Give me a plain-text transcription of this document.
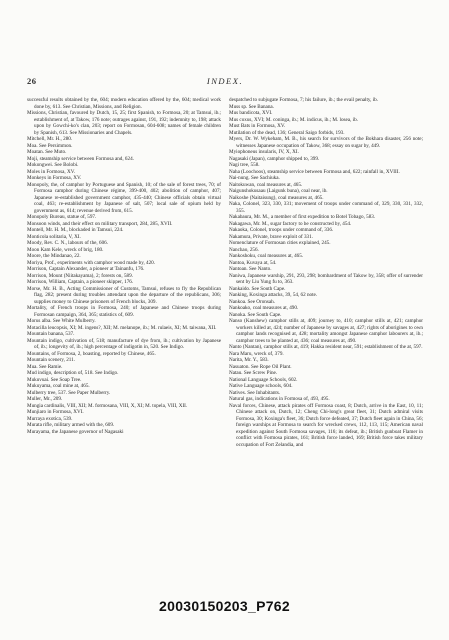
26	INDEX.

successful results obtained by the, 604; modern education offered by the, 604; medical work done by, 613. See Christian, Missions, and Religion.

Missions, Christian, favoured by Dutch, 15, 25; first Spanish, to Formosa, 20; at Tamsui, ib.; establishment of, at Takow, 176 note; outrages against, 191, 192; indemnity to, 198; attack upon by Gowchi-ko's clan, 203; report on Formosan, 604-608; names of female children by Spanish, 613. See Missionaries and Chapels.

Mitchell, Mr. H., 280.

Moa. See Persimmon.

Moatan. See Muto.

Moji, steamship service between Formosa and, 624.

Mokongwei. See Bolobi.

Moles in Formosa, XV.

Monkeys in Formosa, XV.

Monopoly, the, of camphor by Portuguese and Spanish, 10; of the sale of forest trees, 70; of Formosa camphor during Chinese régime, 399-400, 402; abolition of camphor, 407; Japanese re-established government camphor, 435-440; Chinese officials obtain virtual coal, 463; re-establishment by Japanese of salt, 507; local sale of opium held by government as, 614; revenue derived from, 615.

Monopoly Bureau, statue of, 597.

Monsoon winds, and their effect on military transport, 284, 285, XVII.

Montell, Mr. H. M., blockaded in Tamsui, 224.

Monticola solitaria, V, XI.

Moody, Rev. C. N., labours of the, 606.

Moon Kam Kele, wreck of brig, 180.

Moore, the Mindanao, 22.

Moriya, Prof., experiments with camphor wood made by, 420.

Morrison, Captain Alexander, a pioneer at Tainanfu, 176.

Morrison, Mount (Niitakayama), 2; forests on, 589.

Morrison, William, Captain, a pioneer skipper, 176.

Morse, Mr. H. B., Acting Commissioner of Customs, Tamsui, refuses to fly the Republican flag, 282; present during troubles attendant upon the departure of the republicans, 306; supplies money to Chinese prisoners of French blocks, 309.

Mortality, of French troops in Formosa, 240; of Japanese and Chinese troops during Formosan campaign, 364, 365; statistics of, 609.

Morus alba. See White Mulberry.

Motacilla leucopsis, XI; M. ingens?, XII; M. melanope, ib.; M. rulaeis, XI; M. taiwana, XII.

Mountain banana, 537.

Mountain indigo, cultivation of, 518; manufacture of dye from, ib.; cultivation by Japanese of, ib.; longevity of, ib.; high percentage of indigotin in, 520. See Indigo.

Mountains, of Formosa, 2, boasting, reported by Chinese, 465.

Mountain scenery, 211.

Mua. See Ramie.

Mud indigo, description of, 518. See Indigo.

Mukuvuai. See Soap Tree.

Mukuyama, coal mine at, 465.

Mulberry tree, 537. See Paper Mulberry.

Muller, Mr., 209.

Mungia cardinalis, VIII, XII; M. formosana, VIII, X, XI; M. topela, VIII, XII.

Munjiaro in Formosa, XVI.

Murraya exotica, 539.

Murata rifle, military armed with the, 609.

Murayama, the Japanese governor of Nagasaki

despatched to subjugate Formosa, 7; his failure, ib.; the evail penalty, ib.

Muss sp. See Banana.

Mus bandicota, XVI.

Mus coxus, XVI; M. coninga, ib.; M. indicus, ib.; M. losea, ib.

Must Bats in Formosa, XV.

Mutilation of the dead, 136; General Saigo forbids, 193.

Myers, Dr. W. Wykeham, M. B., his search for survivors of the Bokhara disaster, 256 note; witnesses Japanese occupation of Takow, 368; essay on sugar by, 449.

Myiophoneus insularis, IV, X, XI.

Nagasaki (Japan), camphor shipped to, 399.

Nagi tree, 558.

Naha (Loochoos), steamship service between Formosa and, 622; rainfall in, XVIII.

Nai-nung. See Sachiuka.

Naitokuwan, coal measures at, 465.

Naigunshokusaau (Laigunk buna), coal near, ib.

Naikoshe (Naitaisung), coal measures at, 465.

Naka, Colonel, 323, 330, 331; movement of troops under command of, 329, 330, 331, 332, 355.

Nakabaura, Mr. M., a member of first expedition to Botel Tobago, 583.

Nakagawa, Mr. M., sugar factory to be constructed by, 454.

Nakaoka, Colonel, troops under command of, 336.

Nakamura, Private, brave exploit of 331.

Nomenclature of Formosan cities explained, 245.

Nanchao, 256.

Nankoshoku, coal measures at, 465.

Nantoa, Kuvaya at, 54.

Nantoan. See Nanto.

Naniwa, Japanese warship, 291, 293, 298; bombardment of Takow by, 358; offer of surrender sent by Liu Yung fu to, 363.

Nankaido. See South Cape.

Nanking, Koxinga attacks, 39, 54, 62 note.

Nankoa. See Oronsah.

Nankoako, coal measures at, 490.

Nanoka. See South Cape.

Nanso (Kanshew) camphor stills at, 409; journey to, 410; camphor stills at, 421; camphor workers killed at, 424; number of Japanese by savages at, 427; rights of aborigines to own camphor lands recognised at, 428; mortality amongst Japanese camphor labourers at, ib.; camphor trees to be planted at, 436; coal measures at, 490.

Nanto (Nantan), camphor stills at, 419; Hakka resident near, 591; establishment of the at, 597.

Nara Maru, wreck of, 379.

Narita, Mr. Y., 583.

Nasuaton. See Rope Oil Plant.

Natau. See Screw Pine.

National Language Schools, 602.

Native Language schools, 604.

Natives. See Inhabitants.

Natural gas, indications in Formosa of, 493, 495.

Naval forces, Chinese, attack pirates off Formosa coast, 8; Dutch, arrive in the East, 10, 11; Chinese attack on, Dutch, 12; Cheng Chi-long's great fleet, 31; Dutch admiral visits Formosa, 30; Koxinga's fleet, 36; Dutch force defeated, 37; Dutch fleet again in China, 56; foreign warships at Formosa to search for wrecked crews, 112, 113, 115; American naval expedition against South Formosa savages, 116; its defeat, ib.; British gunboat Flamer in conflict with Formosa pirates, 161; British force landed, 169; British force takes military occupation of Fort Zelandia, and

20030150203_P762
